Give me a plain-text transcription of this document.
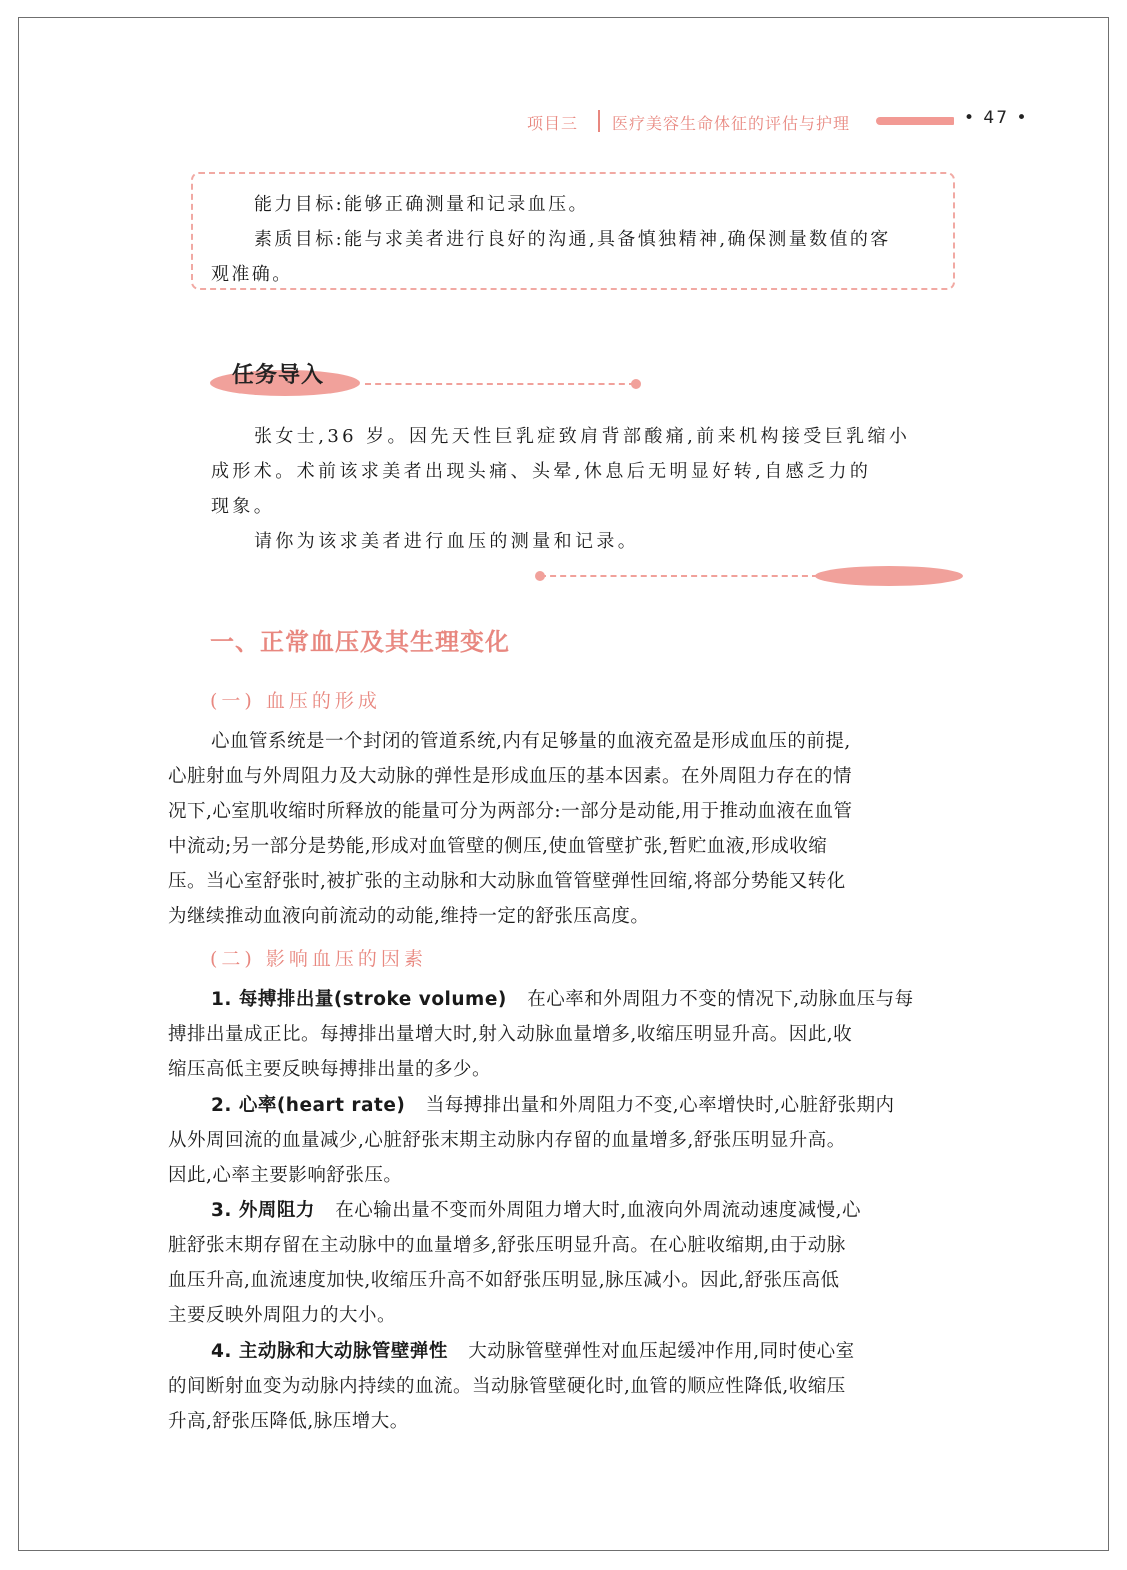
项目三 医疗美容生命体征的评估与护理	• 47 •
能力目标:能够正确测量和记录血压。
素质目标:能与求美者进行良好的沟通,具备慎独精神,确保测量数值的客
观准确。
任务导入
张女士,36 岁。因先天性巨乳症致肩背部酸痛,前来机构接受巨乳缩小
成形术。术前该求美者出现头痛、头晕,休息后无明显好转,自感乏力的
现象。
请你为该求美者进行血压的测量和记录。
一、正常血压及其生理变化
(一) 血压的形成
心血管系统是一个封闭的管道系统,内有足够量的血液充盈是形成血压的前提,
心脏射血与外周阻力及大动脉的弹性是形成血压的基本因素。在外周阻力存在的情
况下,心室肌收缩时所释放的能量可分为两部分:一部分是动能,用于推动血液在血管
中流动;另一部分是势能,形成对血管壁的侧压,使血管壁扩张,暂贮血液,形成收缩
压。当心室舒张时,被扩张的主动脉和大动脉血管管壁弹性回缩,将部分势能又转化
为继续推动血液向前流动的动能,维持一定的舒张压高度。
(二) 影响血压的因素
1. 每搏排出量(stroke volume) 在心率和外周阻力不变的情况下,动脉血压与每
搏排出量成正比。每搏排出量增大时,射入动脉血量增多,收缩压明显升高。因此,收
缩压高低主要反映每搏排出量的多少。
2. 心率(heart rate) 当每搏排出量和外周阻力不变,心率增快时,心脏舒张期内
从外周回流的血量减少,心脏舒张末期主动脉内存留的血量增多,舒张压明显升高。
因此,心率主要影响舒张压。
3. 外周阻力 在心输出量不变而外周阻力增大时,血液向外周流动速度减慢,心
脏舒张末期存留在主动脉中的血量增多,舒张压明显升高。在心脏收缩期,由于动脉
血压升高,血流速度加快,收缩压升高不如舒张压明显,脉压减小。因此,舒张压高低
主要反映外周阻力的大小。
4. 主动脉和大动脉管壁弹性 大动脉管壁弹性对血压起缓冲作用,同时使心室
的间断射血变为动脉内持续的血流。当动脉管壁硬化时,血管的顺应性降低,收缩压
升高,舒张压降低,脉压增大。
